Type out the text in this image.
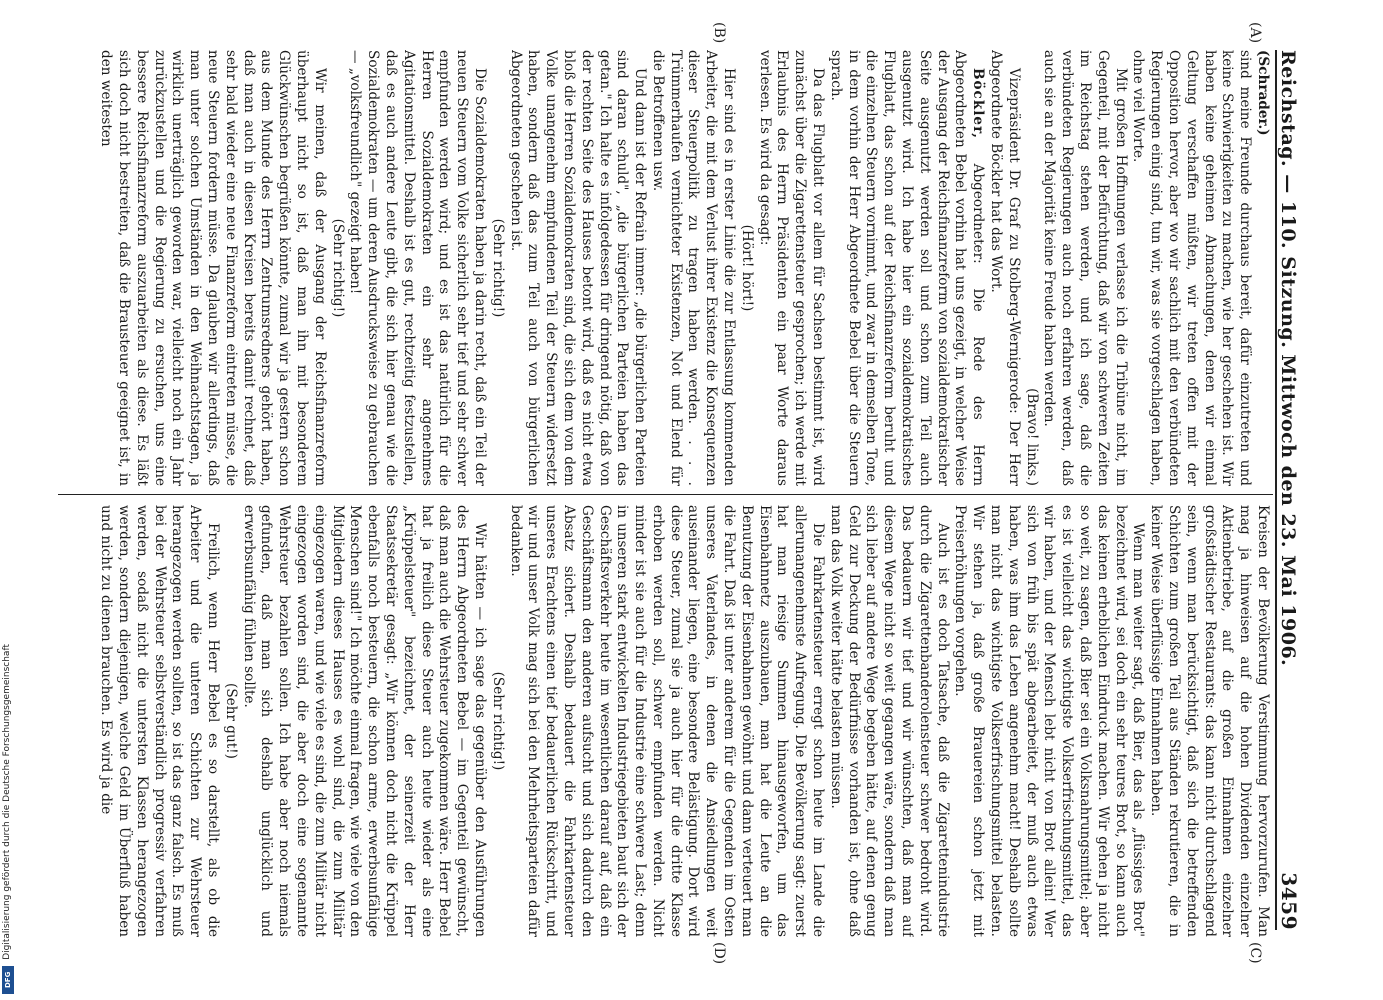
Reichstag. — 110. Sitzung.
Mittwoch den 23. Mai 1906.
3459
(A)
(B)
(C)
(D)

(Schrader.)

sind meine Freunde durchaus bereit, dafür einzutreten und keine Schwierigkeiten zu machen, wie her geschehen ist. Wir haben keine geheimen Abmachungen, denen wir einmal Geltung verschaffen müßten, wir treten offen mit der Opposition hervor, aber wo wir sachlich mit den verbündeten Regierungen einig sind, tun wir, was sie vorgeschlagen haben, ohne viel Worte.

Mit großen Hoffnungen verlasse ich die Tribüne nicht, im Gegenteil, mit der Befürchtung, daß wir von schweren Zeiten im Reichstag stehen werden, und ich sage, daß die verbündeten Regierungen auch noch erfahren werden, daß auch sie an der Majorität keine Freude haben werden.

(Bravo! links.)

Vizepräsident Dr. Graf zu Stolberg-Wernigerode: Der Herr Abgeordnete Böckler hat das Wort.

Böckler, Abgeordneter: Die Rede des Herrn Abgeordneten Bebel vorhin hat uns gezeigt, in welcher Weise der Ausgang der Reichsfinanzreform von sozialdemokratischer Seite ausgenutzt werden soll und schon zum Teil auch ausgenutzt wird. Ich habe hier ein sozialdemokratisches Flugblatt, das schon auf der Reichsfinanzreform beruht und die einzelnen Steuern vornimmt, und zwar in demselben Tone, in dem vorhin der Herr Abgeordnete Bebel über die Steuern sprach.

Da das Flugblatt vor allem für Sachsen bestimmt ist, wird zunächst über die Zigarettensteuer gesprochen; ich werde mit Erlaubnis des Herrn Präsidenten ein paar Worte daraus verlesen. Es wird da gesagt:

(Hört! hört!)

Hier sind es in erster Linie die zur Entlassung kommenden Arbeiter, die mit dem Verlust ihrer Existenz die Konsequenzen dieser Steuerpolitik zu tragen haben werden. . . . Trümmerhaufen vernichteter Existenzen, Not und Elend für die Betroffenen usw.

Und dann ist der Refrain immer: „die bürgerlichen Parteien sind daran schuld", „die bürgerlichen Parteien haben das getan." Ich halte es infolgedessen für dringend nötig, daß von der rechten Seite des Hauses betont wird, daß es nicht etwa bloß die Herren Sozialdemokraten sind, die sich dem von dem Volke unangenehm empfundenen Teil der Steuern widersetzt haben, sondern daß das zum Teil auch von bürgerlichen Abgeordneten geschehen ist.

(Sehr richtig!)

Die Sozialdemokraten haben ja darin recht, daß ein Teil der neuen Steuern vom Volke sicherlich sehr tief und sehr schwer empfunden werden wird; und es ist das natürlich für die Herren Sozialdemokraten ein sehr angenehmes Agitationsmittel. Deshalb ist es gut, rechtzeitig festzustellen, daß es auch andere Leute gibt, die sich hier genau wie die Sozialdemokraten — um deren Ausdrucksweise zu gebrauchen — „volksfreundlich" gezeigt haben!

(Sehr richtig!)

Wir meinen, daß der Ausgang der Reichsfinanzreform überhaupt nicht so ist, daß man ihn mit besonderem Glückwünschen begrüßen könnte, zumal wir ja gestern schon aus dem Munde des Herrn Zentrumsredners gehört haben, daß man auch in diesen Kreisen bereits damit rechnet, daß sehr bald wieder eine neue Finanzreform eintreten müsse, die neue Steuern fordern müsse. Da glauben wir allerdings, daß man unter solchen Umständen in den Weihnachtstagen, ja wirklich unerträglich geworden war, vielleicht noch ein Jahr zurückzustellen und die Regierung zu ersuchen, uns eine bessere Reichsfinanzreform auszuarbeiten als diese. Es läßt sich doch nicht bestreiten, daß die Brausteuer geeignet ist, in den weitesten

Kreisen der Bevölkerung Verstimmung hervorzurufen. Man mag ja hinweisen auf die hohen Dividenden einzelner Aktienbetriebe, auf die großen Einnahmen einzelner großstädtischer Restaurants: das kann nicht durchschlagend sein, wenn man berücksichtigt, daß sich die betreffenden Schichten zum großen Teil aus Ständen rekrutieren, die in keiner Weise überflüssige Einnahmen haben.

Wenn man weiter sagt, daß Bier, das als „flüssiges Brot" bezeichnet wird, sei doch ein sehr teures Brot, so kann auch das keinen erheblichen Eindruck machen. Wir gehen ja nicht so weit, zu sagen, daß Bier sei ein Volksnahrungsmittel; aber es ist vielleicht das wichtigste Volkserfrischungsmittel, das wir haben, und der Mensch lebt nicht von Brot allein! Wer sich von früh bis spät abgearbeitet, der muß auch etwas haben, was ihm das Leben angenehm macht! Deshalb sollte man nicht das wichtigste Volkserfrischungsmittel belasten. Wir stehen ja, daß große Brauereien schon jetzt mit Preiserhöhungen vorgehen.

Auch ist es doch Tatsache, daß die Zigarettenindustrie durch die Zigarettenbanderolensteuer schwer bedroht wird. Das bedauern wir tief und wir wünschten, daß man auf diesem Wege nicht so weit gegangen wäre, sondern daß man sich lieber auf andere Wege begeben hätte, auf denen genug Geld zur Deckung der Bedürfnisse vorhanden ist, ohne daß man das Volk weiter hätte belasten müssen.

Die Fahrkartensteuer erregt schon heute im Lande die allerunangenehmste Aufregung. Die Bevölkerung sagt: zuerst hat man riesige Summen hinausgeworfen, um das Eisenbahnnetz auszubauen, man hat die Leute an die Benutzung der Eisenbahnen gewöhnt und dann verteuert man die Fahrt. Daß ist unter anderem für die Gegenden im Osten unseres Vaterlandes, in denen die Ansiedlungen weit auseinander liegen, eine besondere Belästigung. Dort wird diese Steuer, zumal sie ja auch hier für die dritte Klasse erhoben werden soll, schwer empfunden werden. Nicht minder ist sie auch für die Industrie eine schwere Last; denn in unseren stark entwickelten Industriegebieten baut sich der Geschäftsverkehr heute im wesentlichen darauf auf, daß ein Geschäftsmann den anderen aufsucht und sich dadurch den Absatz sichert. Deshalb bedauert die Fahrkartensteuer unseres Erachtens einen tief bedauerlichen Rückschritt, und wir und unser Volk mag sich bei den Mehrheitsparteien dafür bedanken.

(Sehr richtig!)

Wir hätten — ich sage das gegenüber den Ausführungen des Herrn Abgeordneten Bebel — im Gegenteil gewünscht, daß man auch die Wehrsteuer zugekommen wäre. Herr Bebel hat ja freilich diese Steuer auch heute wieder als eine „Krüppelsteuer" bezeichnet, der seinerzeit der Herr Staatssekretär gesagt: „Wir können doch nicht die Krüppel ebenfalls noch besteuern, die schon arme, erwerbsunfähige Menschen sind!" Ich möchte einmal fragen, wie viele von den Mitgliedern dieses Hauses es wohl sind, die zum Militär eingezogen waren, und wie viele es sind, die zum Militär nicht eingezogen worden sind, die aber doch eine sogenannte Wehrsteuer bezahlen sollen. Ich habe aber noch niemals gefunden, daß man sich deshalb unglücklich und erwerbsunfähig fühlen sollte.

(Sehr gut!)

Freilich, wenn Herr Bebel es so darstellt, als ob die Arbeiter und die unteren Schichten zur Wehrsteuer herangezogen werden sollten, so ist das ganz falsch. Es muß bei der Wehrsteuer selbstverständlich progressiv verfahren werden, sodaß nicht die untersten Klassen herangezogen werden, sondern diejenigen, welche Geld im Überfluß haben und nicht zu dienen brauchen. Es wird ja die

Digitalisierung gefördert durch die Deutsche Forschungsgemeinschaft
DFG
